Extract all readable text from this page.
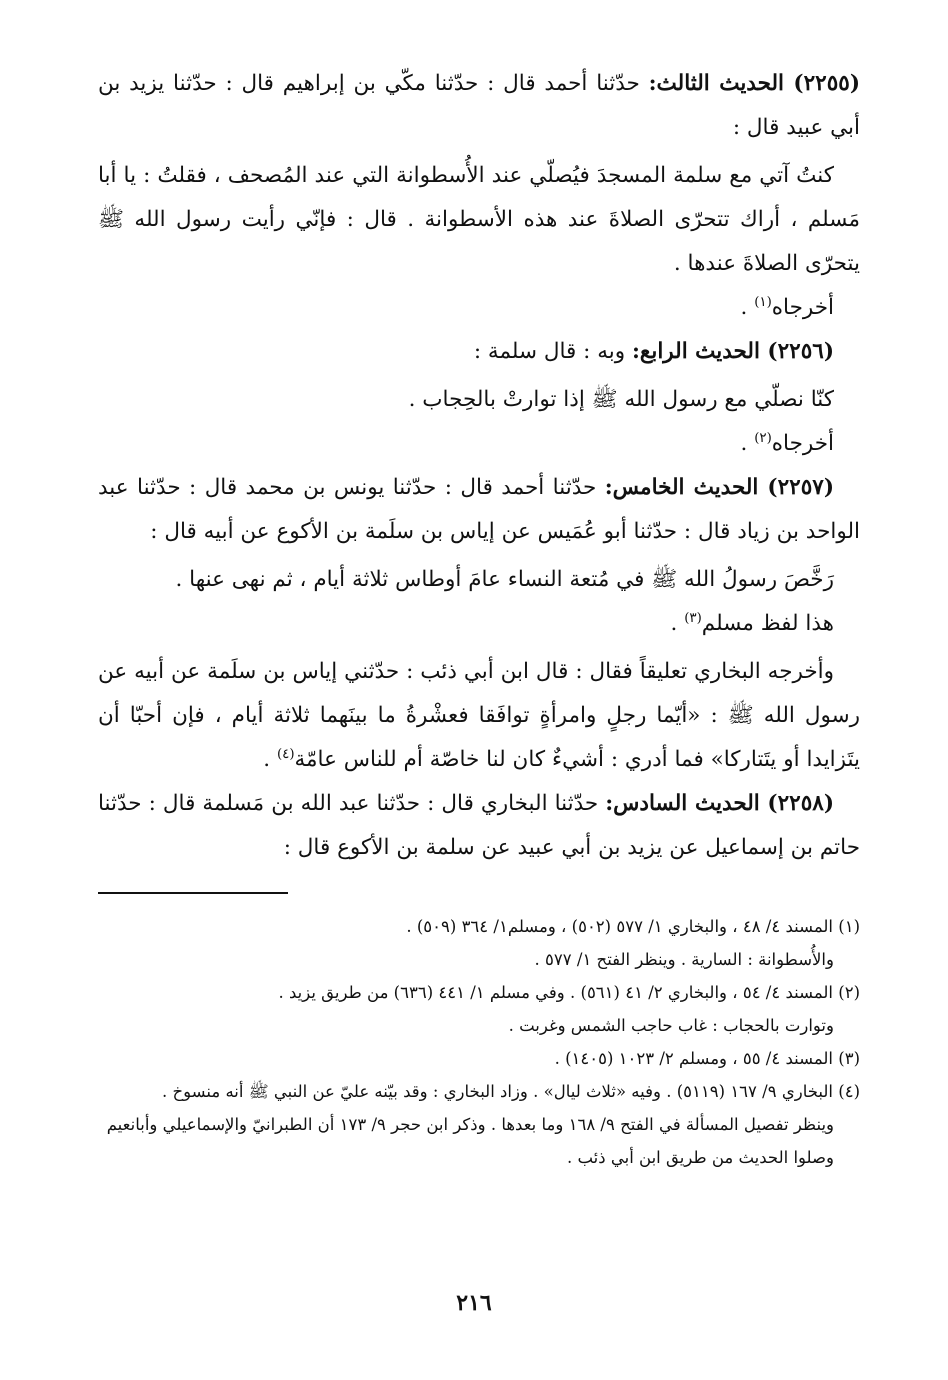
(٢٢٥٥) الحديث الثالث: حدّثنا أحمد قال : حدّثنا مكّي بن إبراهيم قال : حدّثنا يزيد بن أبي عبيد قال :

كنتُ آتي مع سلمة المسجدَ فيُصلّي عند الأُسطوانة التي عند المُصحف ، فقلتُ : يا أبا مَسلم ، أراك تتحرّى الصلاةَ عند هذه الأسطوانة . قال : فإنّي رأيت رسول الله ﷺ يتحرّى الصلاةَ عندها .

أخرجاه$^{(١)}$ .

(٢٢٥٦) الحديث الرابع: وبه : قال سلمة :

كنّا نصلّي مع رسول الله ﷺ إذا توارتْ بالحِجاب .

أخرجاه$^{(٢)}$ .

(٢٢٥٧) الحديث الخامس: حدّثنا أحمد قال : حدّثنا يونس بن محمد قال : حدّثنا عبد الواحد بن زياد قال : حدّثنا أبو عُمَيس عن إياس بن سلَمة بن الأكوع عن أبيه قال :

رَخَّصَ رسولُ الله ﷺ في مُتعة النساء عامَ أوطاس ثلاثة أيام ، ثم نهى عنها .

هذا لفظ مسلم$^{(٣)}$ .

وأخرجه البخاري تعليقاً فقال : قال ابن أبي ذئب : حدّثني إياس بن سلَمة عن أبيه عن رسول الله ﷺ : «أيّما رجلٍ وامرأةٍ توافَقا فعشْرةُ ما بينَهما ثلاثة أيام ، فإن أحبّا أن يتَزايدا أو يتَتاركا» فما أدري : أشيءٌ كان لنا خاصّة أم للناس عامّة$^{(٤)}$ .

(٢٢٥٨) الحديث السادس: حدّثنا البخاري قال : حدّثنا عبد الله بن مَسلمة قال : حدّثنا حاتم بن إسماعيل عن يزيد بن أبي عبيد عن سلمة بن الأكوع قال :

(١) المسند ٤/ ٤٨ ، والبخاري ١/ ٥٧٧ (٥٠٢) ، ومسلم١/ ٣٦٤ (٥٠٩) .

والأُسطوانة : السارية . وينظر الفتح ١/ ٥٧٧ .

(٢) المسند ٤/ ٥٤ ، والبخاري ٢/ ٤١ (٥٦١) . وفي مسلم ١/ ٤٤١ (٦٣٦) من طريق يزيد .

وتوارت بالحجاب : غاب حاجب الشمس وغربت .

(٣) المسند ٤/ ٥٥ ، ومسلم ٢/ ١٠٢٣ (١٤٠٥) .

(٤) البخاري ٩/ ١٦٧ (٥١١٩) . وفيه «ثلاث ليال» . وزاد البخاري : وقد بيّنه عليّ عن النبي ﷺ أنه منسوخ .

وينظر تفصيل المسألة في الفتح ٩/ ١٦٨ وما بعدها . وذكر ابن حجر ٩/ ١٧٣ أن الطبرانيّ والإسماعيلي وأبانعيم وصلوا الحديث من طريق ابن أبي ذئب .

٢١٦
